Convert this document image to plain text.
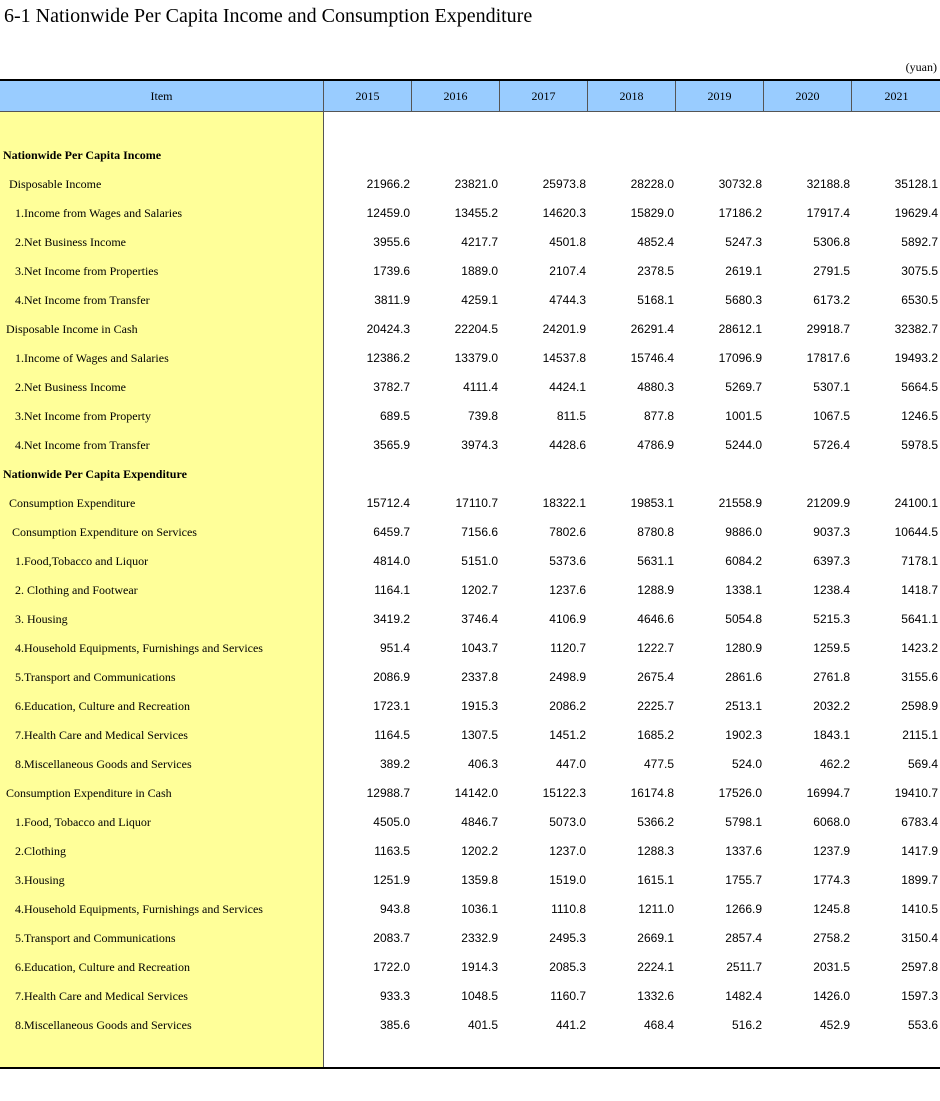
6-1 Nationwide Per Capita Income and Consumption Expenditure
(yuan)
Item	2015	2016	2017	2018	2019	2020	2021
Nationwide Per Capita Income
Disposable Income	21966.2	23821.0	25973.8	28228.0	30732.8	32188.8	35128.1
1.Income from Wages and Salaries	12459.0	13455.2	14620.3	15829.0	17186.2	17917.4	19629.4
2.Net Business Income	3955.6	4217.7	4501.8	4852.4	5247.3	5306.8	5892.7
3.Net Income from Properties	1739.6	1889.0	2107.4	2378.5	2619.1	2791.5	3075.5
4.Net Income from Transfer	3811.9	4259.1	4744.3	5168.1	5680.3	6173.2	6530.5
Disposable Income in Cash	20424.3	22204.5	24201.9	26291.4	28612.1	29918.7	32382.7
1.Income of Wages and Salaries	12386.2	13379.0	14537.8	15746.4	17096.9	17817.6	19493.2
2.Net Business Income	3782.7	4111.4	4424.1	4880.3	5269.7	5307.1	5664.5
3.Net Income from Property	689.5	739.8	811.5	877.8	1001.5	1067.5	1246.5
4.Net Income from Transfer	3565.9	3974.3	4428.6	4786.9	5244.0	5726.4	5978.5
Nationwide Per Capita Expenditure
Consumption Expenditure	15712.4	17110.7	18322.1	19853.1	21558.9	21209.9	24100.1
Consumption Expenditure on Services	6459.7	7156.6	7802.6	8780.8	9886.0	9037.3	10644.5
1.Food,Tobacco and Liquor	4814.0	5151.0	5373.6	5631.1	6084.2	6397.3	7178.1
2. Clothing and Footwear	1164.1	1202.7	1237.6	1288.9	1338.1	1238.4	1418.7
3. Housing	3419.2	3746.4	4106.9	4646.6	5054.8	5215.3	5641.1
4.Household Equipments, Furnishings and Services	951.4	1043.7	1120.7	1222.7	1280.9	1259.5	1423.2
5.Transport and Communications	2086.9	2337.8	2498.9	2675.4	2861.6	2761.8	3155.6
6.Education, Culture and Recreation	1723.1	1915.3	2086.2	2225.7	2513.1	2032.2	2598.9
7.Health Care and Medical Services	1164.5	1307.5	1451.2	1685.2	1902.3	1843.1	2115.1
8.Miscellaneous Goods and Services	389.2	406.3	447.0	477.5	524.0	462.2	569.4
Consumption Expenditure in Cash	12988.7	14142.0	15122.3	16174.8	17526.0	16994.7	19410.7
1.Food, Tobacco and Liquor	4505.0	4846.7	5073.0	5366.2	5798.1	6068.0	6783.4
2.Clothing	1163.5	1202.2	1237.0	1288.3	1337.6	1237.9	1417.9
3.Housing	1251.9	1359.8	1519.0	1615.1	1755.7	1774.3	1899.7
4.Household Equipments, Furnishings and Services	943.8	1036.1	1110.8	1211.0	1266.9	1245.8	1410.5
5.Transport and Communications	2083.7	2332.9	2495.3	2669.1	2857.4	2758.2	3150.4
6.Education, Culture and Recreation	1722.0	1914.3	2085.3	2224.1	2511.7	2031.5	2597.8
7.Health Care and Medical Services	933.3	1048.5	1160.7	1332.6	1482.4	1426.0	1597.3
8.Miscellaneous Goods and Services	385.6	401.5	441.2	468.4	516.2	452.9	553.6
